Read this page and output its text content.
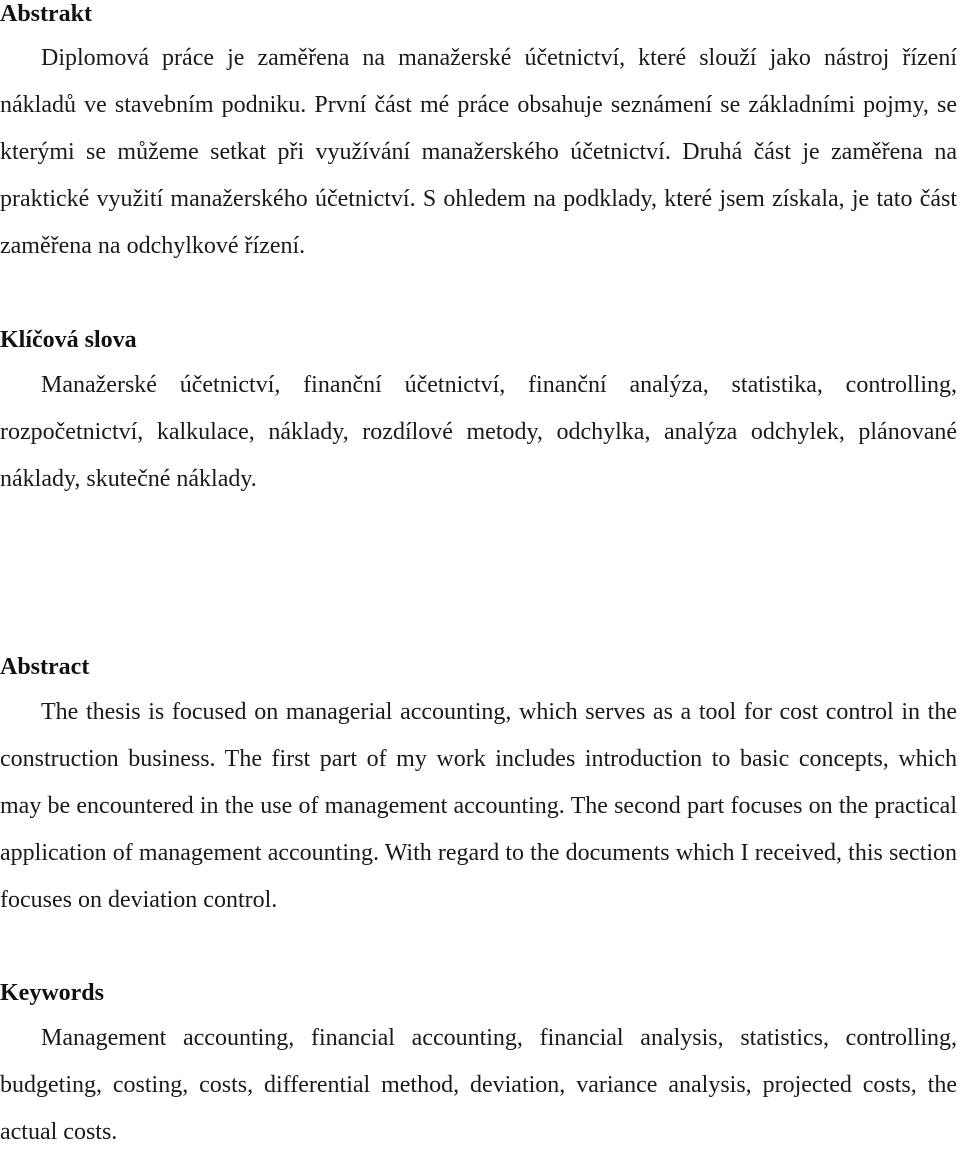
Abstrakt

Diplomová práce je zaměřena na manažerské účetnictví, které slouží jako nástroj řízení nákladů ve stavebním podniku. První část mé práce obsahuje seznámení se základními pojmy, se kterými se můžeme setkat při využívání manažerského účetnictví. Druhá část je zaměřena na praktické využití manažerského účetnictví. S ohledem na podklady, které jsem získala, je tato část zaměřena na odchylkové řízení.

Klíčová slova

Manažerské účetnictví, finanční účetnictví, finanční analýza, statistika, controlling, rozpočetnictví, kalkulace, náklady, rozdílové metody, odchylka, analýza odchylek, plánované náklady, skutečné náklady.

Abstract

The thesis is focused on managerial accounting, which serves as a tool for cost control in the construction business. The first part of my work includes introduction to basic concepts, which may be encountered in the use of management accounting. The second part focuses on the practical application of management accounting. With regard to the documents which I received, this section focuses on deviation control.

Keywords

Management accounting, financial accounting, financial analysis, statistics, controlling, budgeting, costing, costs, differential method, deviation, variance analysis, projected costs, the actual costs.
